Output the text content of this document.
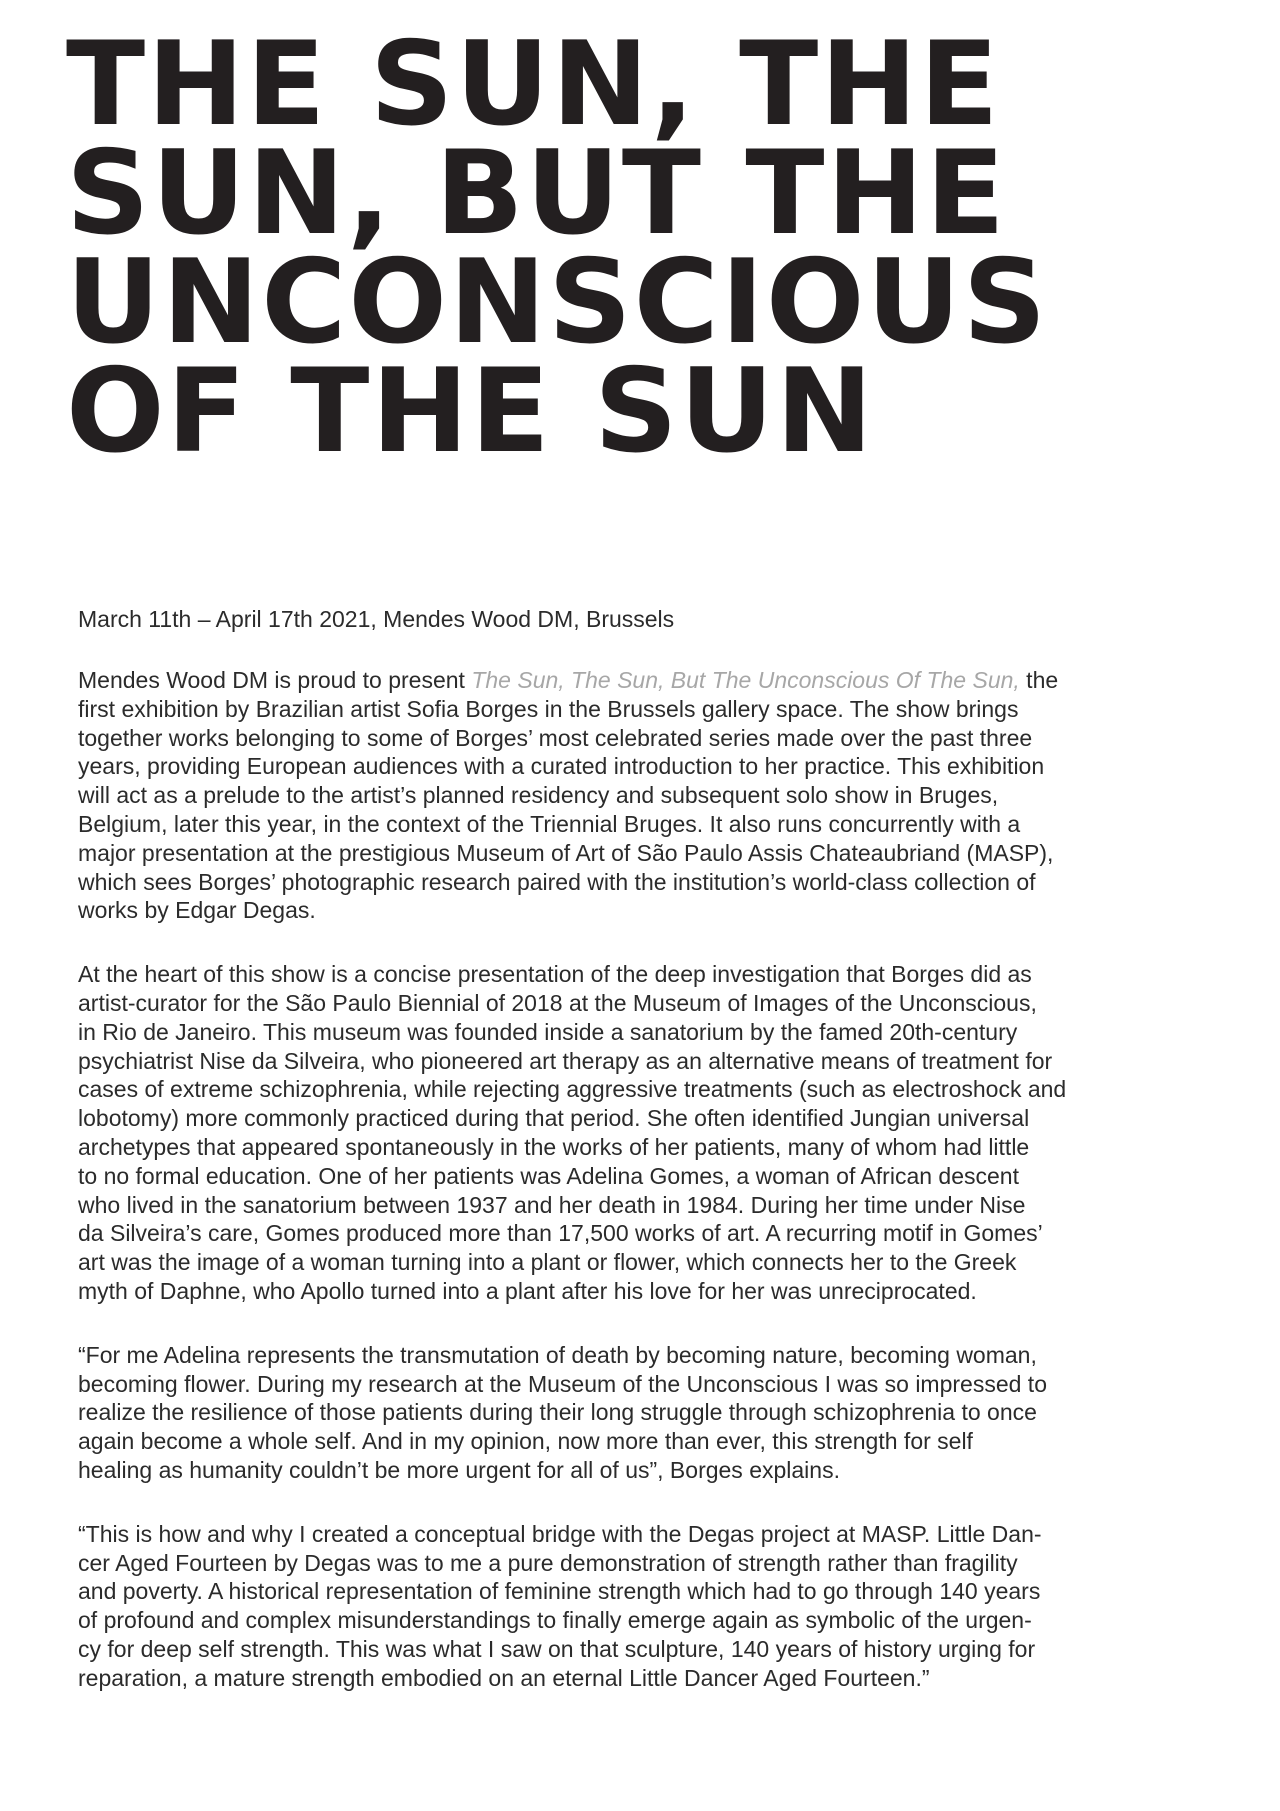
THE SUN, THE
SUN, BUT THE
UNCONSCIOUS
OF THE SUN
March 11th – April 17th 2021, Mendes Wood DM, Brussels

Mendes Wood DM is proud to present The Sun, The Sun, But The Unconscious Of The Sun, the
first exhibition by Brazilian artist Sofia Borges in the Brussels gallery space. The show brings
together works belonging to some of Borges’ most celebrated series made over the past three
years, providing European audiences with a curated introduction to her practice. This exhibition
will act as a prelude to the artist’s planned residency and subsequent solo show in Bruges,
Belgium, later this year, in the context of the Triennial Bruges. It also runs concurrently with a
major presentation at the prestigious Museum of Art of São Paulo Assis Chateaubriand (MASP),
which sees Borges’ photographic research paired with the institution’s world-class collection of
works by Edgar Degas.

At the heart of this show is a concise presentation of the deep investigation that Borges did as
artist-curator for the São Paulo Biennial of 2018 at the Museum of Images of the Unconscious,
in Rio de Janeiro. This museum was founded inside a sanatorium by the famed 20th-century
psychiatrist Nise da Silveira, who pioneered art therapy as an alternative means of treatment for
cases of extreme schizophrenia, while rejecting aggressive treatments (such as electroshock and
lobotomy) more commonly practiced during that period. She often identified Jungian universal
archetypes that appeared spontaneously in the works of her patients, many of whom had little
to no formal education. One of her patients was Adelina Gomes, a woman of African descent
who lived in the sanatorium between 1937 and her death in 1984. During her time under Nise
da Silveira’s care, Gomes produced more than 17,500 works of art. A recurring motif in Gomes’
art was the image of a woman turning into a plant or flower, which connects her to the Greek
myth of Daphne, who Apollo turned into a plant after his love for her was unreciprocated.

“For me Adelina represents the transmutation of death by becoming nature, becoming woman,
becoming flower. During my research at the Museum of the Unconscious I was so impressed to
realize the resilience of those patients during their long struggle through schizophrenia to once
again become a whole self. And in my opinion, now more than ever, this strength for self
healing as humanity couldn’t be more urgent for all of us”, Borges explains.

“This is how and why I created a conceptual bridge with the Degas project at MASP. Little Dan-
cer Aged Fourteen by Degas was to me a pure demonstration of strength rather than fragility
and poverty. A historical representation of feminine strength which had to go through 140 years
of profound and complex misunderstandings to finally emerge again as symbolic of the urgen-
cy for deep self strength. This was what I saw on that sculpture, 140 years of history urging for
reparation, a mature strength embodied on an eternal Little Dancer Aged Fourteen.”
